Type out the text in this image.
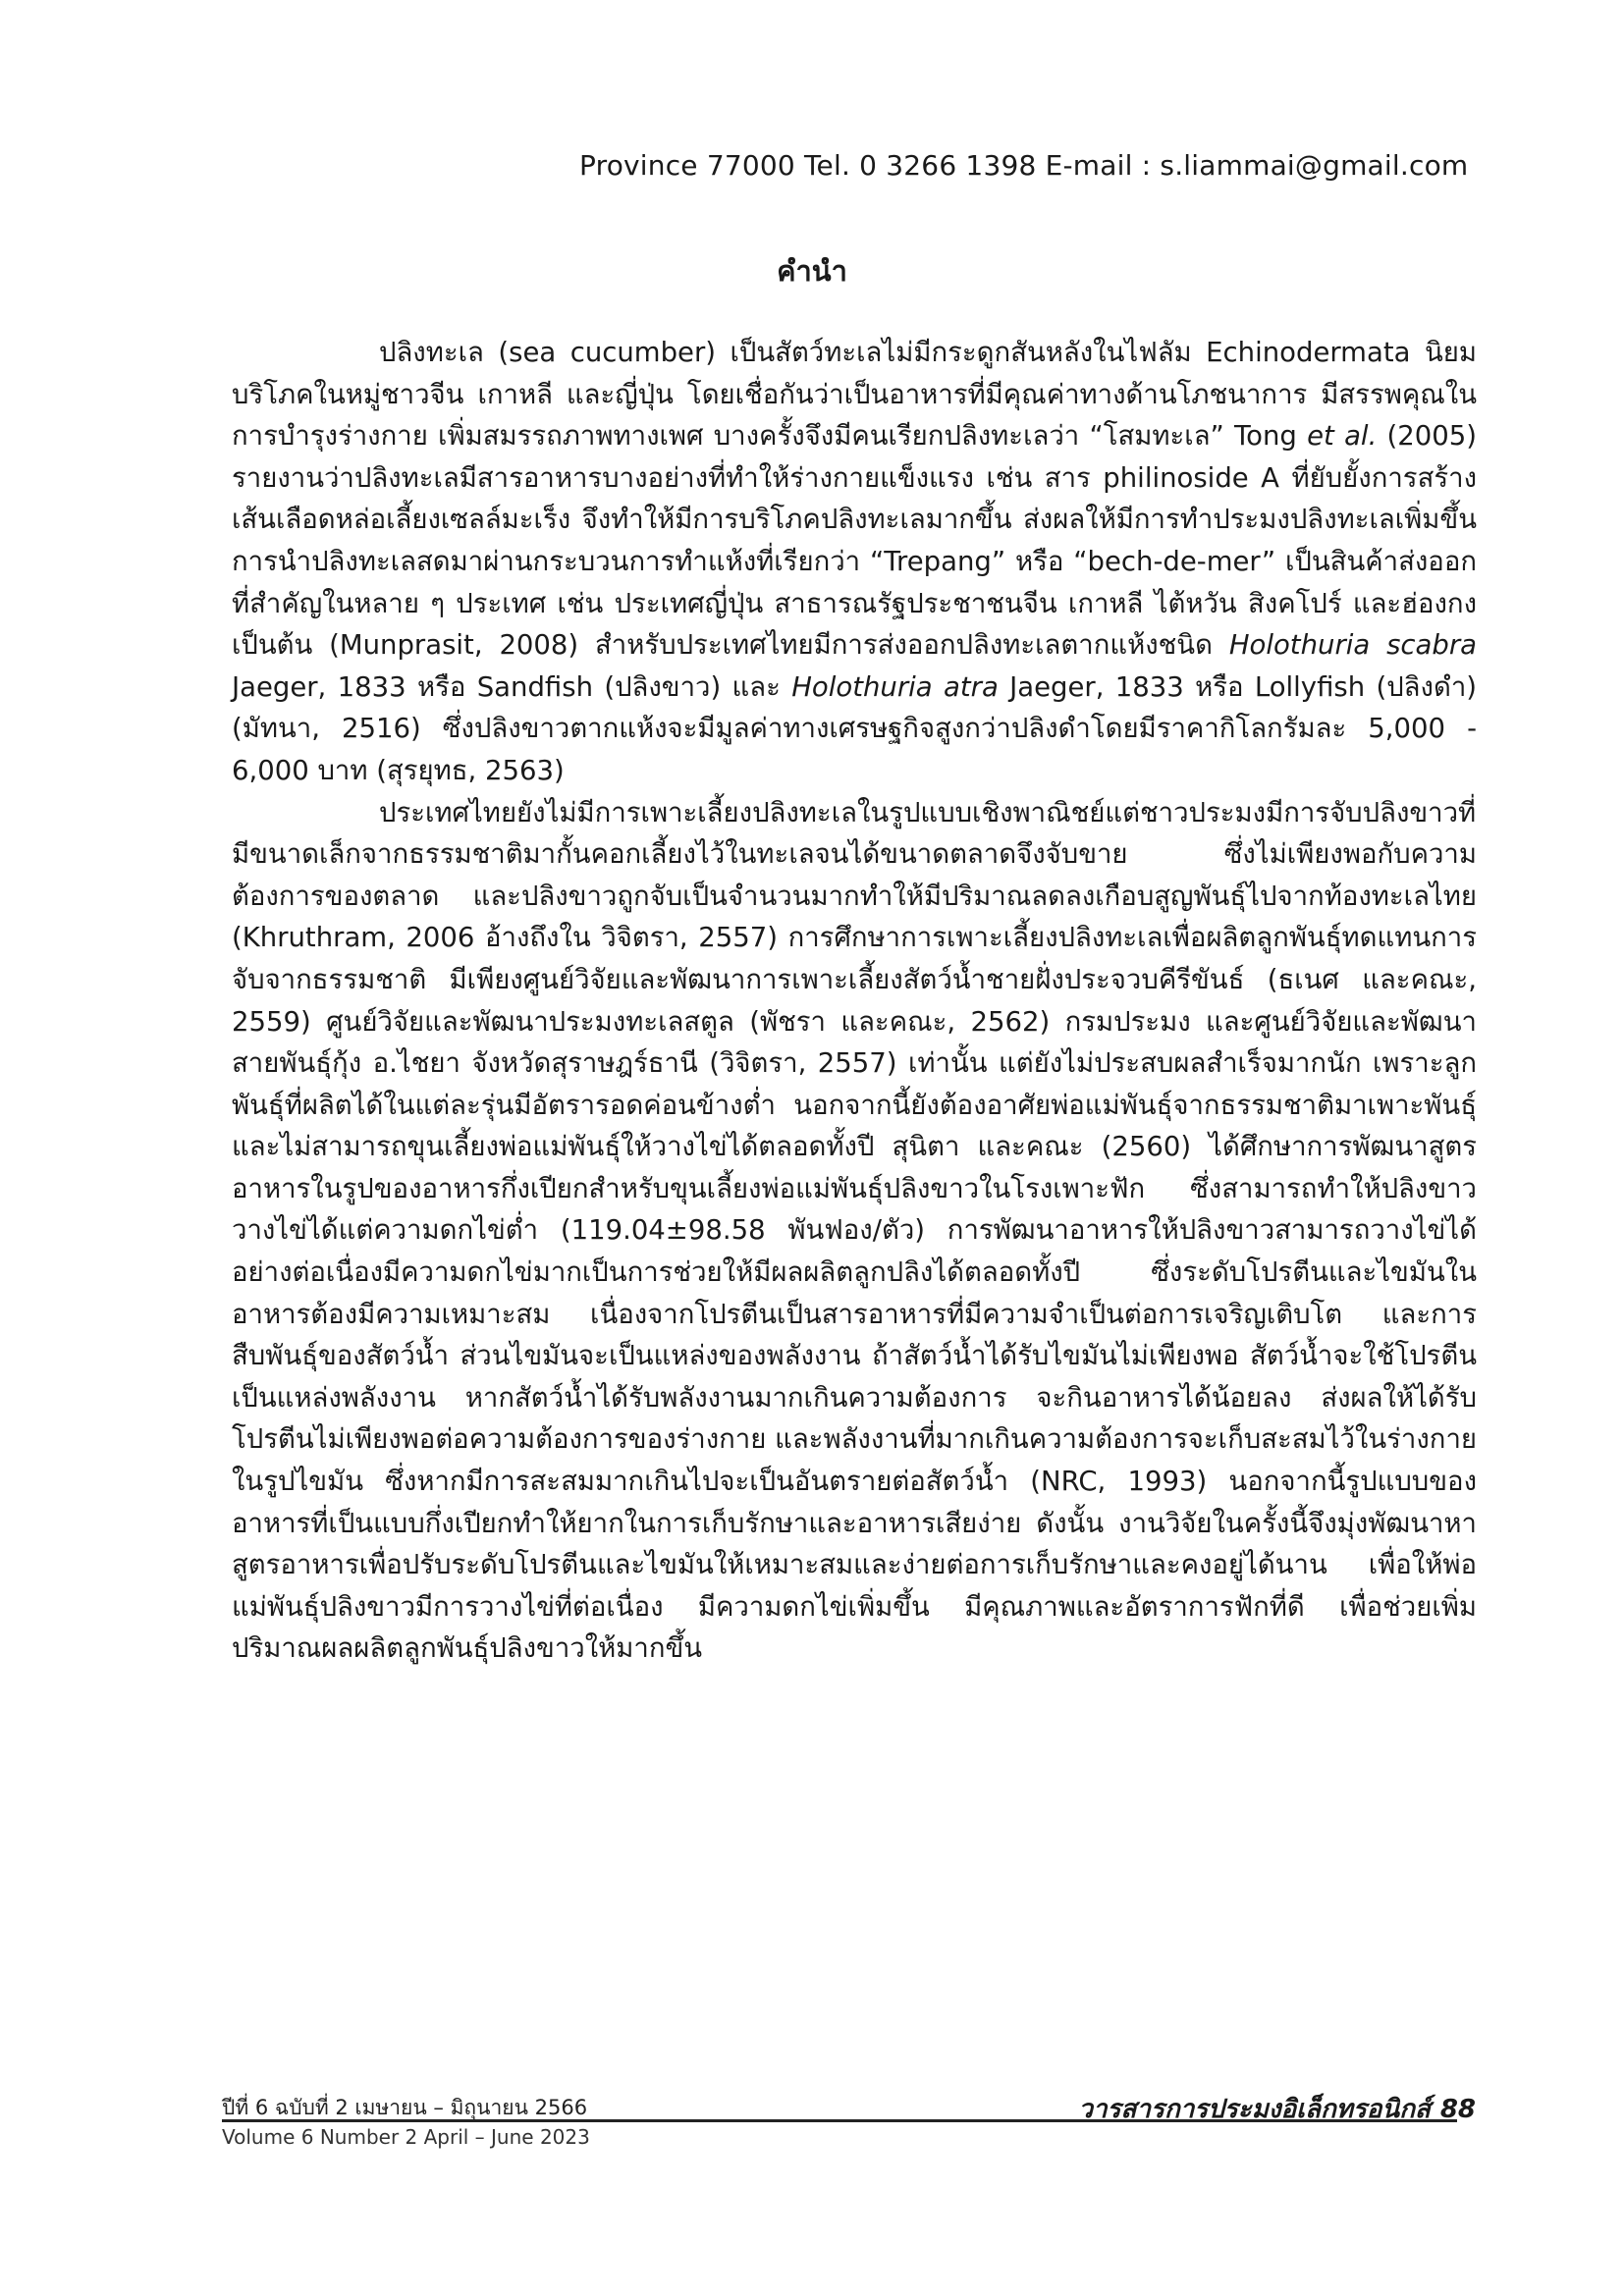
Province 77000 Tel. 0 3266 1398 E-mail : s.liammai@gmail.com
คำนำ

ปลิงทะเล (sea cucumber) เป็นสัตว์ทะเลไม่มีกระดูกสันหลังในไฟลัม Echinodermata นิยมบริโภคในหมู่ชาวจีน เกาหลี และญี่ปุ่น โดยเชื่อกันว่าเป็นอาหารที่มีคุณค่าทางด้านโภชนาการ มีสรรพคุณในการบำรุงร่างกาย เพิ่มสมรรถภาพทางเพศ บางครั้งจึงมีคนเรียกปลิงทะเลว่า “โสมทะเล” Tong et al. (2005) รายงานว่าปลิงทะเลมีสารอาหารบางอย่างที่ทำให้ร่างกายแข็งแรง เช่น สาร philinoside A ที่ยับยั้งการสร้างเส้นเลือดหล่อเลี้ยงเซลล์มะเร็ง จึงทำให้มีการบริโภคปลิงทะเลมากขึ้น ส่งผลให้มีการทำประมงปลิงทะเลเพิ่มขึ้น การนำปลิงทะเลสดมาผ่านกระบวนการทำแห้งที่เรียกว่า “Trepang” หรือ “bech-de-mer” เป็นสินค้าส่งออกที่สำคัญในหลาย ๆ ประเทศ เช่น ประเทศญี่ปุ่น สาธารณรัฐประชาชนจีน เกาหลี ไต้หวัน สิงคโปร์ และฮ่องกง เป็นต้น (Munprasit, 2008) สำหรับประเทศไทยมีการส่งออกปลิงทะเลตากแห้งชนิด Holothuria scabra Jaeger, 1833 หรือ Sandfish (ปลิงขาว) และ Holothuria atra Jaeger, 1833 หรือ Lollyfish (ปลิงดำ) (มัทนา, 2516) ซึ่งปลิงขาวตากแห้งจะมีมูลค่าทางเศรษฐกิจสูงกว่าปลิงดำโดยมีราคากิโลกรัมละ 5,000 - 6,000 บาท (สุรยุทธ, 2563)

ประเทศไทยยังไม่มีการเพาะเลี้ยงปลิงทะเลในรูปแบบเชิงพาณิชย์แต่ชาวประมงมีการจับปลิงขาวที่มีขนาดเล็กจากธรรมชาติมากั้นคอกเลี้ยงไว้ในทะเลจนได้ขนาดตลาดจึงจับขาย ซึ่งไม่เพียงพอกับความต้องการของตลาด และปลิงขาวถูกจับเป็นจำนวนมากทำให้มีปริมาณลดลงเกือบสูญพันธุ์ไปจากท้องทะเลไทย (Khruthram, 2006 อ้างถึงใน วิจิตรา, 2557) การศึกษาการเพาะเลี้ยงปลิงทะเลเพื่อผลิตลูกพันธุ์ทดแทนการจับจากธรรมชาติ มีเพียงศูนย์วิจัยและพัฒนาการเพาะเลี้ยงสัตว์น้ำชายฝั่งประจวบคีรีขันธ์ (ธเนศ และคณะ, 2559) ศูนย์วิจัยและพัฒนาประมงทะเลสตูล (พัชรา และคณะ, 2562) กรมประมง และศูนย์วิจัยและพัฒนาสายพันธุ์กุ้ง อ.ไชยา จังหวัดสุราษฎร์ธานี (วิจิตรา, 2557) เท่านั้น แต่ยังไม่ประสบผลสำเร็จมากนัก เพราะลูกพันธุ์ที่ผลิตได้ในแต่ละรุ่นมีอัตรารอดค่อนข้างต่ำ นอกจากนี้ยังต้องอาศัยพ่อแม่พันธุ์จากธรรมชาติมาเพาะพันธุ์และไม่สามารถขุนเลี้ยงพ่อแม่พันธุ์ให้วางไข่ได้ตลอดทั้งปี สุนิตา และคณะ (2560) ได้ศึกษาการพัฒนาสูตรอาหารในรูปของอาหารกึ่งเปียกสำหรับขุนเลี้ยงพ่อแม่พันธุ์ปลิงขาวในโรงเพาะฟัก ซึ่งสามารถทำให้ปลิงขาววางไข่ได้แต่ความดกไข่ต่ำ (119.04±98.58 พันฟอง/ตัว) การพัฒนาอาหารให้ปลิงขาวสามารถวางไข่ได้อย่างต่อเนื่องมีความดกไข่มากเป็นการช่วยให้มีผลผลิตลูกปลิงได้ตลอดทั้งปี ซึ่งระดับโปรตีนและไขมันในอาหารต้องมีความเหมาะสม เนื่องจากโปรตีนเป็นสารอาหารที่มีความจำเป็นต่อการเจริญเติบโต และการสืบพันธุ์ของสัตว์น้ำ ส่วนไขมันจะเป็นแหล่งของพลังงาน ถ้าสัตว์น้ำได้รับไขมันไม่เพียงพอ สัตว์น้ำจะใช้โปรตีนเป็นแหล่งพลังงาน หากสัตว์น้ำได้รับพลังงานมากเกินความต้องการ จะกินอาหารได้น้อยลง ส่งผลให้ได้รับโปรตีนไม่เพียงพอต่อความต้องการของร่างกาย และพลังงานที่มากเกินความต้องการจะเก็บสะสมไว้ในร่างกายในรูปไขมัน ซึ่งหากมีการสะสมมากเกินไปจะเป็นอันตรายต่อสัตว์น้ำ (NRC, 1993) นอกจากนี้รูปแบบของอาหารที่เป็นแบบกึ่งเปียกทำให้ยากในการเก็บรักษาและอาหารเสียง่าย ดังนั้น งานวิจัยในครั้งนี้จึงมุ่งพัฒนาหาสูตรอาหารเพื่อปรับระดับโปรตีนและไขมันให้เหมาะสมและง่ายต่อการเก็บรักษาและคงอยู่ได้นาน เพื่อให้พ่อแม่พันธุ์ปลิงขาวมีการวางไข่ที่ต่อเนื่อง มีความดกไข่เพิ่มขึ้น มีคุณภาพและอัตราการฟักที่ดี เพื่อช่วยเพิ่มปริมาณผลผลิตลูกพันธุ์ปลิงขาวให้มากขึ้น

ปีที่ 6 ฉบับที่ 2 เมษายน – มิถุนายน 2566
Volume 6 Number 2 April – June 2023
วารสารการประมงอิเล็กทรอนิกส์ 88
